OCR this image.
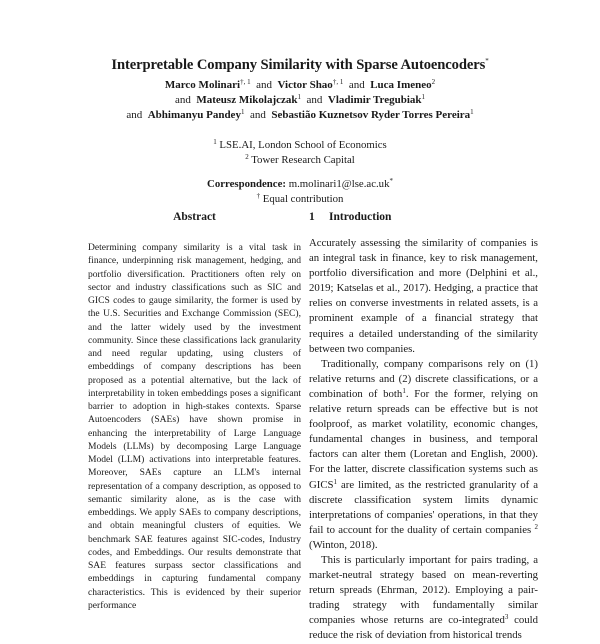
Interpretable Company Similarity with Sparse Autoencoders*
Marco Molinari$^{\dagger, 1}$ and Victor Shao$^{\dagger, 1}$ and Luca Imeneo$^2$
and Mateusz Mikolajczak$^1$ and Vladimir Tregubiak$^1$
and Abhimanyu Pandey$^1$ and Sebastião Kuznetsov Ryder Torres Pereira$^1$
$^1$ LSE.AI, London School of Economics
$^2$ Tower Research Capital
Correspondence: m.molinari1@lse.ac.uk*
† Equal contribution
Abstract	1 Introduction

Determining company similarity is a vital task in finance, underpinning risk management, hedging, and portfolio diversification. Practitioners often rely on sector and industry classifications such as SIC and GICS codes to gauge similarity, the former is used by the U.S. Securities and Exchange Commission (SEC), and the latter widely used by the investment community. Since these classifications lack granularity and need regular updating, using clusters of embeddings of company descriptions has been proposed as a potential alternative, but the lack of interpretability in token embeddings poses a significant barrier to adoption in high-stakes contexts. Sparse Autoencoders (SAEs) have shown promise in enhancing the interpretability of Large Language Models (LLMs) by decomposing Large Language Model (LLM) activations into interpretable features. Moreover, SAEs capture an LLM's internal representation of a company description, as opposed to semantic similarity alone, as is the case with embeddings. We apply SAEs to company descriptions, and obtain meaningful clusters of equities. We benchmark SAE features against SIC-codes, Industry codes, and Embeddings. Our results demonstrate that SAE features surpass sector classifications and embeddings in capturing fundamental company characteristics. This is evidenced by their superior performance

Accurately assessing the similarity of companies is an integral task in finance, key to risk management, portfolio diversification and more (Delphini et al., 2019; Katselas et al., 2017). Hedging, a practice that relies on converse investments in related assets, is a prominent example of a financial strategy that requires a detailed understanding of the similarity between two companies.

Traditionally, company comparisons rely on (1) relative returns and (2) discrete classifications, or a combination of both$^1$. For the former, relying on relative return spreads can be effective but is not foolproof, as market volatility, economic changes, fundamental changes in business, and temporal factors can alter them (Loretan and English, 2000). For the latter, discrete classification systems such as GICS$^1$ are limited, as the restricted granularity of a discrete classification system limits dynamic interpretations of companies' operations, in that they fail to account for the duality of certain companies $^2$ (Winton, 2018).

This is particularly important for pairs trading, a market-neutral strategy based on mean-reverting return spreads (Ehrman, 2012). Employing a pair-trading strategy with fundamentally similar companies whose returns are co-integrated$^3$ could reduce the risk of deviation from historical trends
